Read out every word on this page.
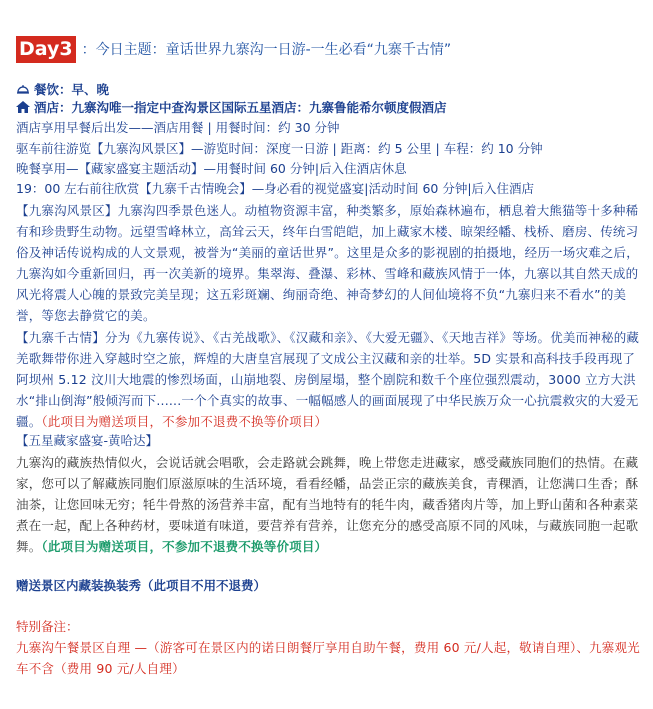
Day3 ：今日主题：童话世界九寨沟一日游-一生必看“九寨千古情”
餐饮：早、晚
酒店：九寨沟唯一指定中查沟景区国际五星酒店：九寨鲁能希尔顿度假酒店
酒店享用早餐后出发——酒店用餐 | 用餐时间：约 30 分钟
驱车前往游览【九寨沟风景区】—游览时间：深度一日游 | 距离：约 5 公里 | 车程：约 10 分钟
晚餐享用—【藏家盛宴主题活动】—用餐时间 60 分钟|后入住酒店休息
19：00 左右前往欣赏【九寨千古情晚会】—身必看的视觉盛宴|活动时间 60 分钟|后入住酒店
【九寨沟风景区】九寨沟四季景色迷人。动植物资源丰富，种类繁多，原始森林遍布，栖息着大熊猫等十多种稀有和珍贵野生动物。远望雪峰林立，高耸云天，终年白雪皑皑，加上藏家木楼、晾架经幡、栈桥、磨房、传统习俗及神话传说构成的人文景观，被誉为“美丽的童话世界”。这里是众多的影视剧的拍摄地，经历一场灾难之后，九寨沟如今重新回归，再一次美新的境界。集翠海、叠瀑、彩林、雪峰和藏族风情于一体，九寨以其自然天成的风光将震人心魄的景致完美呈现；这五彩斑斓、绚丽奇绝、神奇梦幻的人间仙境将不负“九寨归来不看水”的美誉，等您去静赏它的美。
【九寨千古情】分为《九寨传说》、《古羌战歌》、《汉藏和亲》、《大爱无疆》、《天地吉祥》等场。优美而神秘的藏羌歌舞带你进入穿越时空之旅，辉煌的大唐皇宫展现了文成公主汉藏和亲的壮举。5D 实景和高科技手段再现了阿坝州 5.12 汶川大地震的惨烈场面，山崩地裂、房倒屋塌，整个剧院和数千个座位强烈震动，3000 立方大洪水“排山倒海”般倾泻而下......一个个真实的故事、一幅幅感人的画面展现了中华民族万众一心抗震救灾的大爱无疆。（此项目为赠送项目，不参加不退费不换等价项目）
【五星藏家盛宴-黄哈达】
九寨沟的藏族热情似火，会说话就会唱歌，会走路就会跳舞，晚上带您走进藏家，感受藏族同胞们的热情。在藏家，您可以了解藏族同胞们原滋原味的生活环境，看看经幡，品尝正宗的藏族美食，青稞酒，让您满口生香；酥油茶，让您回味无穷；牦牛骨熬的汤营养丰富，配有当地特有的牦牛肉，藏香猪肉片等，加上野山菌和各种素菜煮在一起，配上各种药材，要味道有味道，要营养有营养，让您充分的感受高原不同的风味，与藏族同胞一起歌舞。（此项目为赠送项目，不参加不退费不换等价项目）
赠送景区内藏装换装秀（此项目不用不退费）
特别备注：
九寨沟午餐景区自理 —（游客可在景区内的诺日朗餐厅享用自助午餐，费用 60 元/人起，敬请自理）、九寨观光车不含（费用 90 元/人自理）
